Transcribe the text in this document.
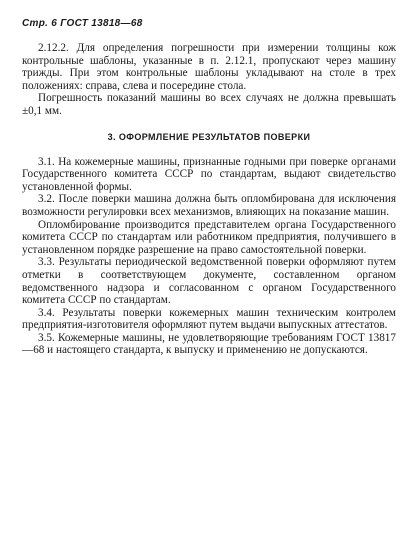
Стр. 6 ГОСТ 13818—68

2.12.2. Для определения погрешности при измерении толщины кож контрольные шаблоны, указанные в п. 2.12.1, пропускают через машину трижды. При этом контрольные шаблоны укладывают на столе в трех положениях: справа, слева и посередине стола.

Погрешность показаний машины во всех случаях не должна превышать ±0,1 мм.

3. ОФОРМЛЕНИЕ РЕЗУЛЬТАТОВ ПОВЕРКИ

3.1. На кожемерные машины, признанные годными при поверке органами Государственного комитета СССР по стандартам, выдают свидетельство установленной формы.

3.2. После поверки машина должна быть опломбирована для исключения возможности регулировки всех механизмов, влияющих на показание машин.

Опломбирование производится представителем органа Государственного комитета СССР по стандартам или работником предприятия, получившего в установленном порядке разрешение на право самостоятельной поверки.

3.3. Результаты периодической ведомственной поверки оформляют путем отметки в соответствующем документе, составленном органом ведомственного надзора и согласованном с органом Государственного комитета СССР по стандартам.

3.4. Результаты поверки кожемерных машин техническим контролем предприятия-изготовителя оформляют путем выдачи выпускных аттестатов.

3.5. Кожемерные машины, не удовлетворяющие требованиям ГОСТ 13817—68 и настоящего стандарта, к выпуску и применению не допускаются.
